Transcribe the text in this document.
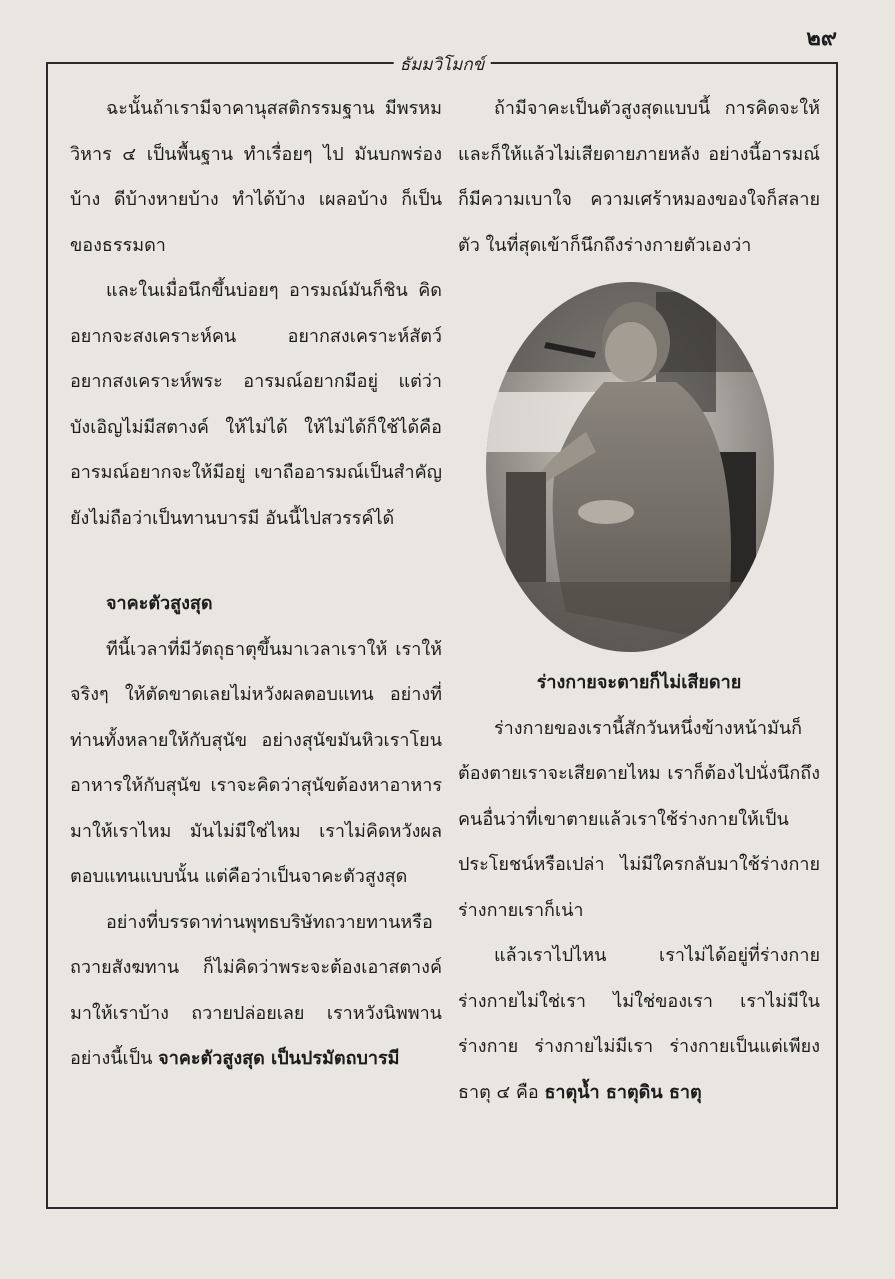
๒๙
ธัมมวิโมกข์

ฉะนั้นถ้าเรามีจาคานุสสติกรรมฐาน มีพรหมวิหาร ๔ เป็นพื้นฐาน ทำเรื่อยๆ ไป มันบกพร่องบ้าง ดีบ้างหายบ้าง ทำได้บ้าง เผลอบ้าง ก็เป็นของธรรมดา

และในเมื่อนึกขึ้นบ่อยๆ อารมณ์มันก็ชิน คิดอยากจะสงเคราะห์คน อยากสงเคราะห์สัตว์ อยากสงเคราะห์พระ อารมณ์อยากมีอยู่ แต่ว่าบังเอิญไม่มีสตางค์ ให้ไม่ได้ ให้ไม่ได้ก็ใช้ได้คืออารมณ์อยากจะให้มีอยู่ เขาถืออารมณ์เป็นสำคัญ ยังไม่ถือว่าเป็นทานบารมี อันนี้ไปสวรรค์ได้

จาคะตัวสูงสุด

ทีนี้เวลาที่มีวัตถุธาตุขึ้นมาเวลาเราให้ เราให้จริงๆ ให้ตัดขาดเลยไม่หวังผลตอบแทน อย่างที่ท่านทั้งหลายให้กับสุนัข อย่างสุนัขมันหิวเราโยนอาหารให้กับสุนัข เราจะคิดว่าสุนัขต้องหาอาหารมาให้เราไหม มันไม่มีใช่ไหม เราไม่คิดหวังผลตอบแทนแบบนั้น แต่คือว่าเป็นจาคะตัวสูงสุด

อย่างที่บรรดาท่านพุทธบริษัทถวายทานหรือถวายสังฆทาน ก็ไม่คิดว่าพระจะต้องเอาสตางค์มาให้เราบ้าง ถวายปล่อยเลย เราหวังนิพพาน อย่างนี้เป็น จาคะตัวสูงสุด เป็นปรมัตถบารมี

ถ้ามีจาคะเป็นตัวสูงสุดแบบนี้ การคิดจะให้ และก็ให้แล้วไม่เสียดายภายหลัง อย่างนี้อารมณ์ก็มีความเบาใจ ความเศร้าหมองของใจก็สลายตัว ในที่สุดเข้าก็นึกถึงร่างกายตัวเองว่า

ร่างกายจะตายก็ไม่เสียดาย

ร่างกายของเรานี้สักวันหนึ่งข้างหน้ามันก็ต้องตายเราจะเสียดายไหม เราก็ต้องไปนั่งนึกถึงคนอื่นว่าที่เขาตายแล้วเราใช้ร่างกายให้เป็นประโยชน์หรือเปล่า ไม่มีใครกลับมาใช้ร่างกาย ร่างกายเราก็เน่า

แล้วเราไปไหน เราไม่ได้อยู่ที่ร่างกาย ร่างกายไม่ใช่เรา ไม่ใช่ของเรา เราไม่มีในร่างกาย ร่างกายไม่มีเรา ร่างกายเป็นแต่เพียงธาตุ ๔ คือ ธาตุน้ำ ธาตุดิน ธาตุ
